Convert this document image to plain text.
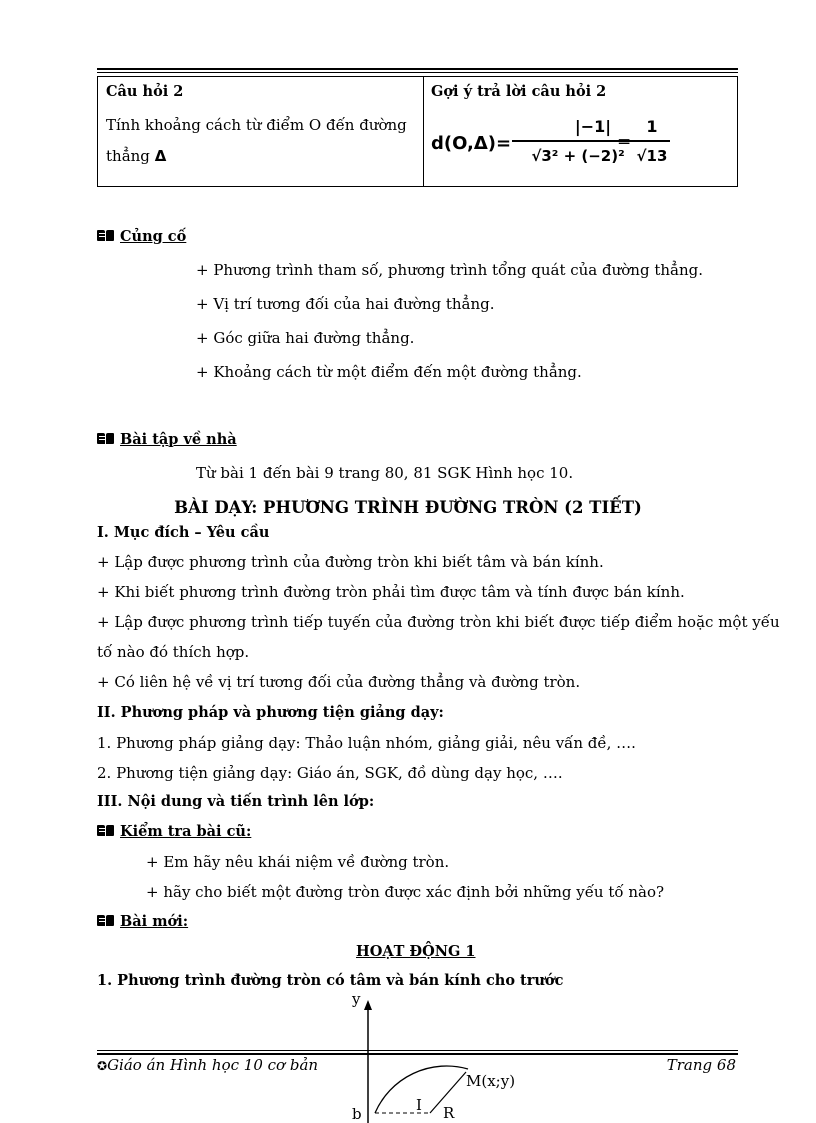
Câu hỏi 2
Tính khoảng cách từ điểm O đến đường
thẳng Δ
Gợi ý trả lời câu hỏi 2
d(O,Δ)=
|−1|
√3² + (−2)²
=
1
√13
Củng cố
+ Phương trình tham số, phương trình tổng quát của đường thẳng.
+ Vị trí tương đối của hai đường thẳng.
+ Góc giữa hai đường thẳng.
+ Khoảng cách từ một điểm đến một đường thẳng.
Bài tập về nhà
Từ bài 1 đến bài 9 trang 80, 81 SGK Hình học 10.
BÀI DẠY: PHƯƠNG TRÌNH ĐƯỜNG TRÒN (2 TIẾT)
I. Mục đích – Yêu cầu
+ Lập được phương trình của đường tròn khi biết tâm và bán kính.
+ Khi biết phương trình đường tròn phải tìm được tâm và tính được bán kính.
+ Lập được phương trình tiếp tuyến của đường tròn khi biết được tiếp điểm hoặc một yếu
tố nào đó thích hợp.
+ Có liên hệ về vị trí tương đối của đường thẳng và đường tròn.
II. Phương pháp và phương tiện giảng dạy:
1. Phương pháp giảng dạy: Thảo luận nhóm, giảng giải, nêu vấn đề, ….
2. Phương tiện giảng dạy: Giáo án, SGK, đồ dùng dạy học, ….
III. Nội dung và tiến trình lên lớp:
Kiểm tra bài cũ:
+ Em hãy nêu khái niệm về đường tròn.
+ hãy cho biết một đường tròn được xác định bởi những yếu tố nào?
Bài mới:
HOẠT ĐỘNG 1
1. Phương trình đường tròn có tâm và bán kính cho trước
y
b	I R
M(x;y)
✪Giáo án Hình học 10 cơ bản	Trang 68
